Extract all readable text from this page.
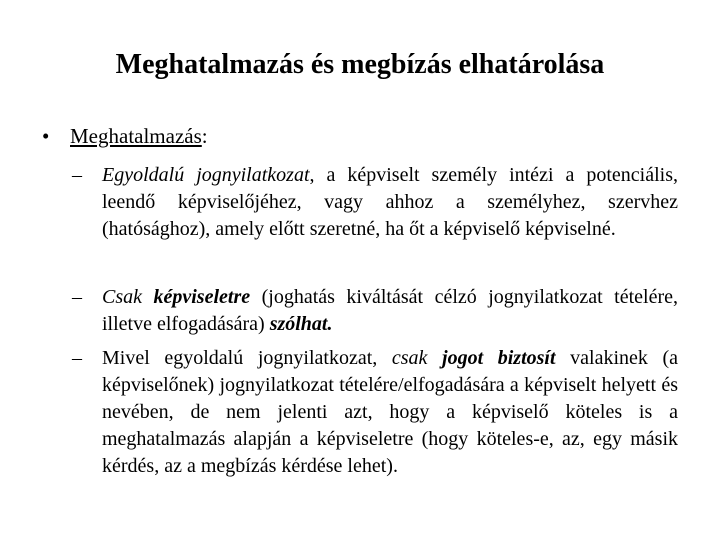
Meghatalmazás és megbízás elhatárolása
• Meghatalmazás:
– Egyoldalú jognyilatkozat, a képviselt személy intézi a potenciális, leendő képviselőjéhez, vagy ahhoz a személyhez, szervhez (hatósághoz), amely előtt szeretné, ha őt a képviselő képviselné.
– Csak képviseletre (joghatás kiváltását célzó jognyilatkozat tételére, illetve elfogadására) szólhat.
– Mivel egyoldalú jognyilatkozat, csak jogot biztosít valakinek (a képviselőnek) jognyilatkozat tételére/elfogadására a képviselt helyett és nevében, de nem jelenti azt, hogy a képviselő köteles is a meghatalmazás alapján a képviseletre (hogy köteles-e, az, egy másik kérdés, az a megbízás kérdése lehet).
